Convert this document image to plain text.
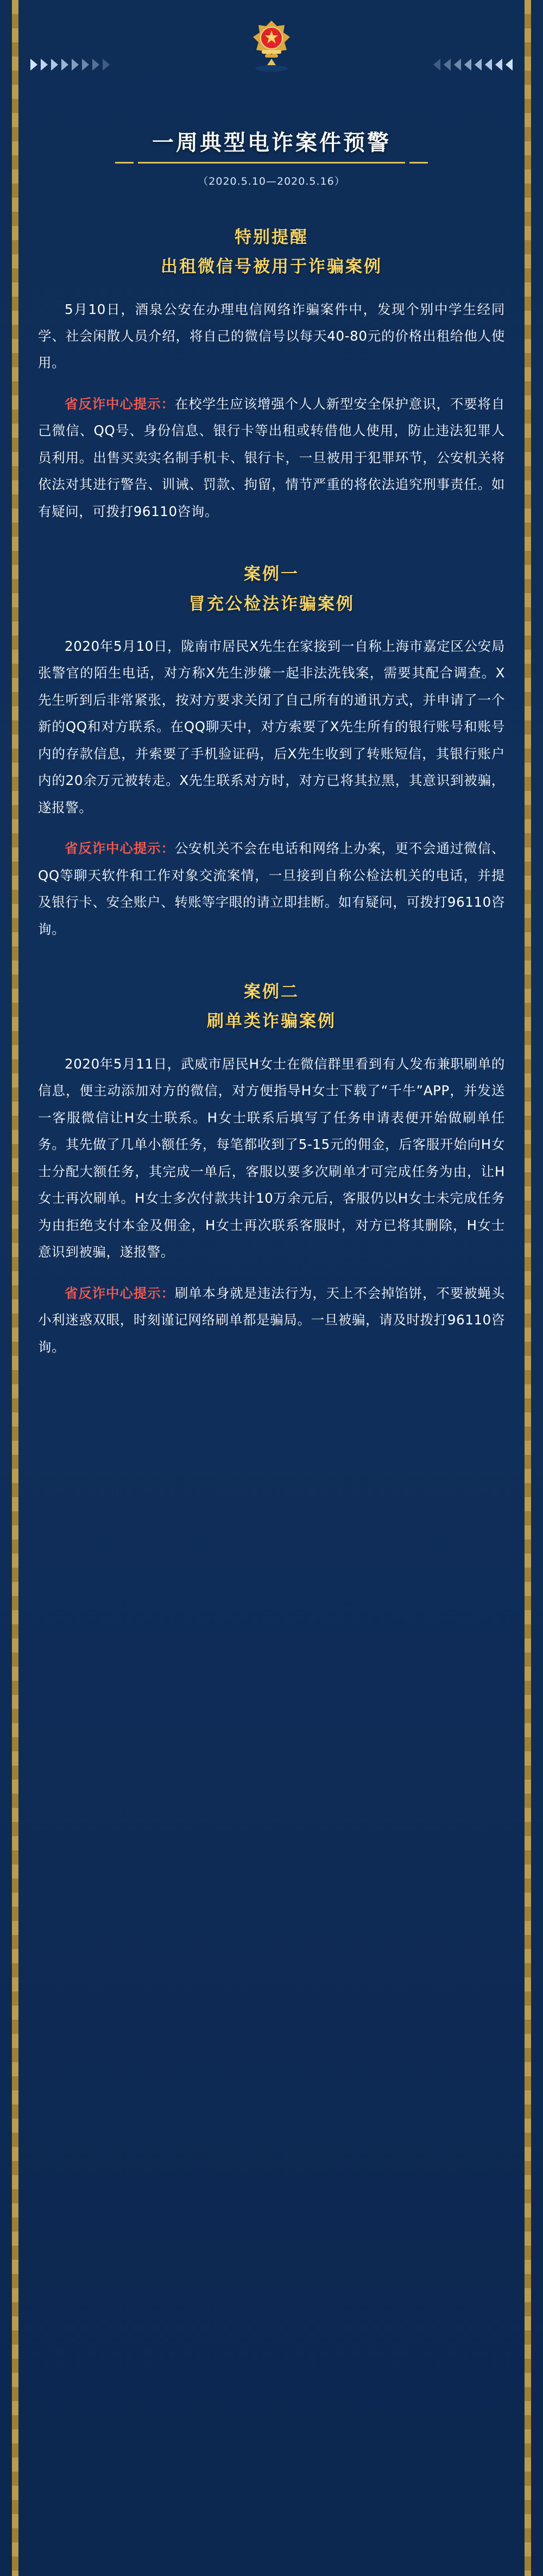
一周典型电诈案件预警
（2020.5.10—2020.5.16）
特别提醒
出租微信号被用于诈骗案例

5月10日，酒泉公安在办理电信网络诈骗案件中，发现个别中学生经同学、社会闲散人员介绍，将自己的微信号以每天40-80元的价格出租给他人使用。

省反诈中心提示：在校学生应该增强个人人新型安全保护意识，不要将自己微信、QQ号、身份信息、银行卡等出租或转借他人使用，防止违法犯罪人员利用。出售买卖实名制手机卡、银行卡，一旦被用于犯罪环节，公安机关将依法对其进行警告、训诫、罚款、拘留，情节严重的将依法追究刑事责任。如有疑问，可拨打96110咨询。

案例一
冒充公检法诈骗案例

2020年5月10日，陇南市居民X先生在家接到一自称上海市嘉定区公安局张警官的陌生电话，对方称X先生涉嫌一起非法洗钱案，需要其配合调查。X先生听到后非常紧张，按对方要求关闭了自己所有的通讯方式，并申请了一个新的QQ和对方联系。在QQ聊天中，对方索要了X先生所有的银行账号和账号内的存款信息，并索要了手机验证码，后X先生收到了转账短信，其银行账户内的20余万元被转走。X先生联系对方时，对方已将其拉黑，其意识到被骗，遂报警。

省反诈中心提示：公安机关不会在电话和网络上办案，更不会通过微信、QQ等聊天软件和工作对象交流案情，一旦接到自称公检法机关的电话，并提及银行卡、安全账户、转账等字眼的请立即挂断。如有疑问，可拨打96110咨询。

案例二
刷单类诈骗案例

2020年5月11日，武威市居民H女士在微信群里看到有人发布兼职刷单的信息，便主动添加对方的微信，对方便指导H女士下载了“千牛”APP，并发送一客服微信让H女士联系。H女士联系后填写了任务申请表便开始做刷单任务。其先做了几单小额任务，每笔都收到了5-15元的佣金，后客服开始向H女士分配大额任务，其完成一单后，客服以要多次刷单才可完成任务为由，让H女士再次刷单。H女士多次付款共计10万余元后，客服仍以H女士未完成任务为由拒绝支付本金及佣金，H女士再次联系客服时，对方已将其删除，H女士意识到被骗，遂报警。

省反诈中心提示：刷单本身就是违法行为，天上不会掉馅饼，不要被蝇头小利迷惑双眼，时刻谨记网络刷单都是骗局。一旦被骗，请及时拨打96110咨询。
